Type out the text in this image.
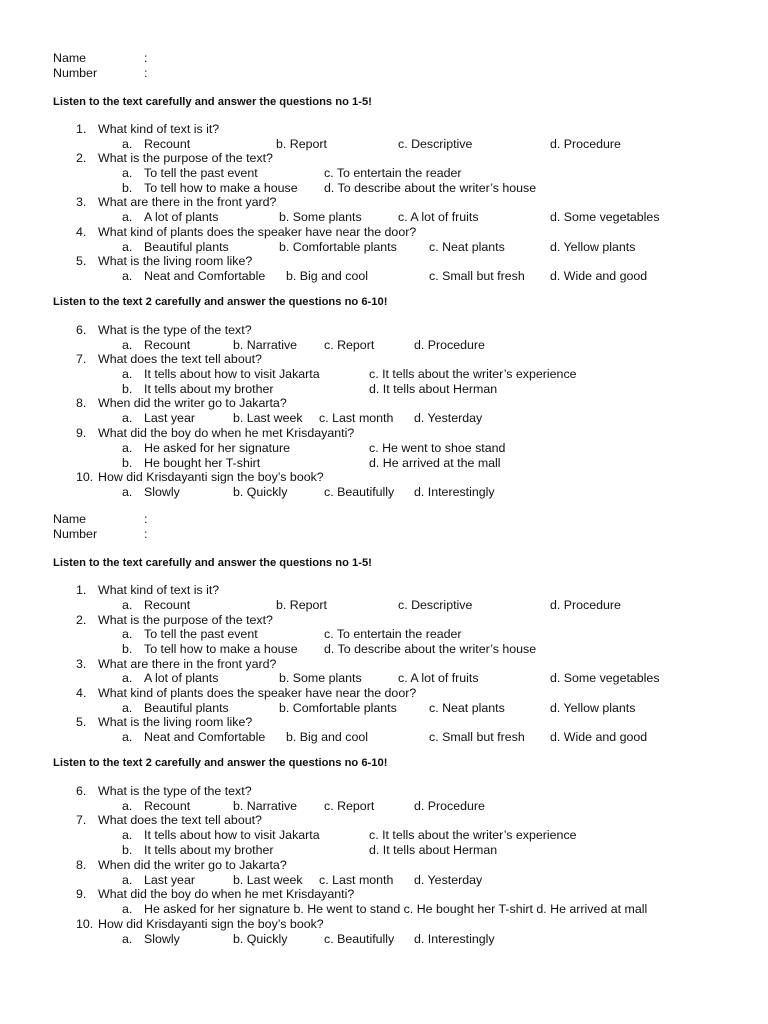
Name	:
Number	:
Listen to the text carefully and answer the questions no 1-5!
1. What kind of text is it?
a. Recount	b. Report	c. Descriptive	d. Procedure
2. What is the purpose of the text?
a. To tell the past event	c. To entertain the reader
b. To tell how to make a house d. To describe about the writer’s house
3. What are there in the front yard?
a. A lot of plants	b. Some plants	c. A lot of fruits	d. Some vegetables
4. What kind of plants does the speaker have near the door?
a. Beautiful plants	b. Comfortable plants	c. Neat plants	d. Yellow plants
5. What is the living room like?
a. Neat and Comfortable b. Big and cool	c. Small but fresh d. Wide and good
Listen to the text 2 carefully and answer the questions no 6-10!
6. What is the type of the text?
a. Recount	b. Narrative c. Report	d. Procedure
7. What does the text tell about?
a. It tells about how to visit Jakarta	c. It tells about the writer’s experience
b. It tells about my brother	d. It tells about Herman
8. When did the writer go to Jakarta?
a. Last year	b. Last week c. Last month d. Yesterday
9. What did the boy do when he met Krisdayanti?
a. He asked for her signature	c. He went to shoe stand
b. He bought her T-shirt	d. He arrived at the mall
10. How did Krisdayanti sign the boy’s book?
a. Slowly	b. Quickly	c. Beautifully d. Interestingly
Name	:
Number	:
Listen to the text carefully and answer the questions no 1-5!
1. What kind of text is it?
a. Recount	b. Report	c. Descriptive	d. Procedure
2. What is the purpose of the text?
a. To tell the past event	c. To entertain the reader
b. To tell how to make a house d. To describe about the writer’s house
3. What are there in the front yard?
a. A lot of plants	b. Some plants	c. A lot of fruits	d. Some vegetables
4. What kind of plants does the speaker have near the door?
a. Beautiful plants	b. Comfortable plants	c. Neat plants	d. Yellow plants
5. What is the living room like?
a. Neat and Comfortable b. Big and cool	c. Small but fresh d. Wide and good
Listen to the text 2 carefully and answer the questions no 6-10!
6. What is the type of the text?
a. Recount	b. Narrative c. Report	d. Procedure
7. What does the text tell about?
a. It tells about how to visit Jakarta	c. It tells about the writer’s experience
b. It tells about my brother	d. It tells about Herman
8. When did the writer go to Jakarta?
a. Last year	b. Last week c. Last month d. Yesterday
9. What did the boy do when he met Krisdayanti?
a. He asked for her signature b. He went to stand c. He bought her T-shirt d. He arrived at mall
10. How did Krisdayanti sign the boy’s book?
a. Slowly	b. Quickly	c. Beautifully d. Interestingly
